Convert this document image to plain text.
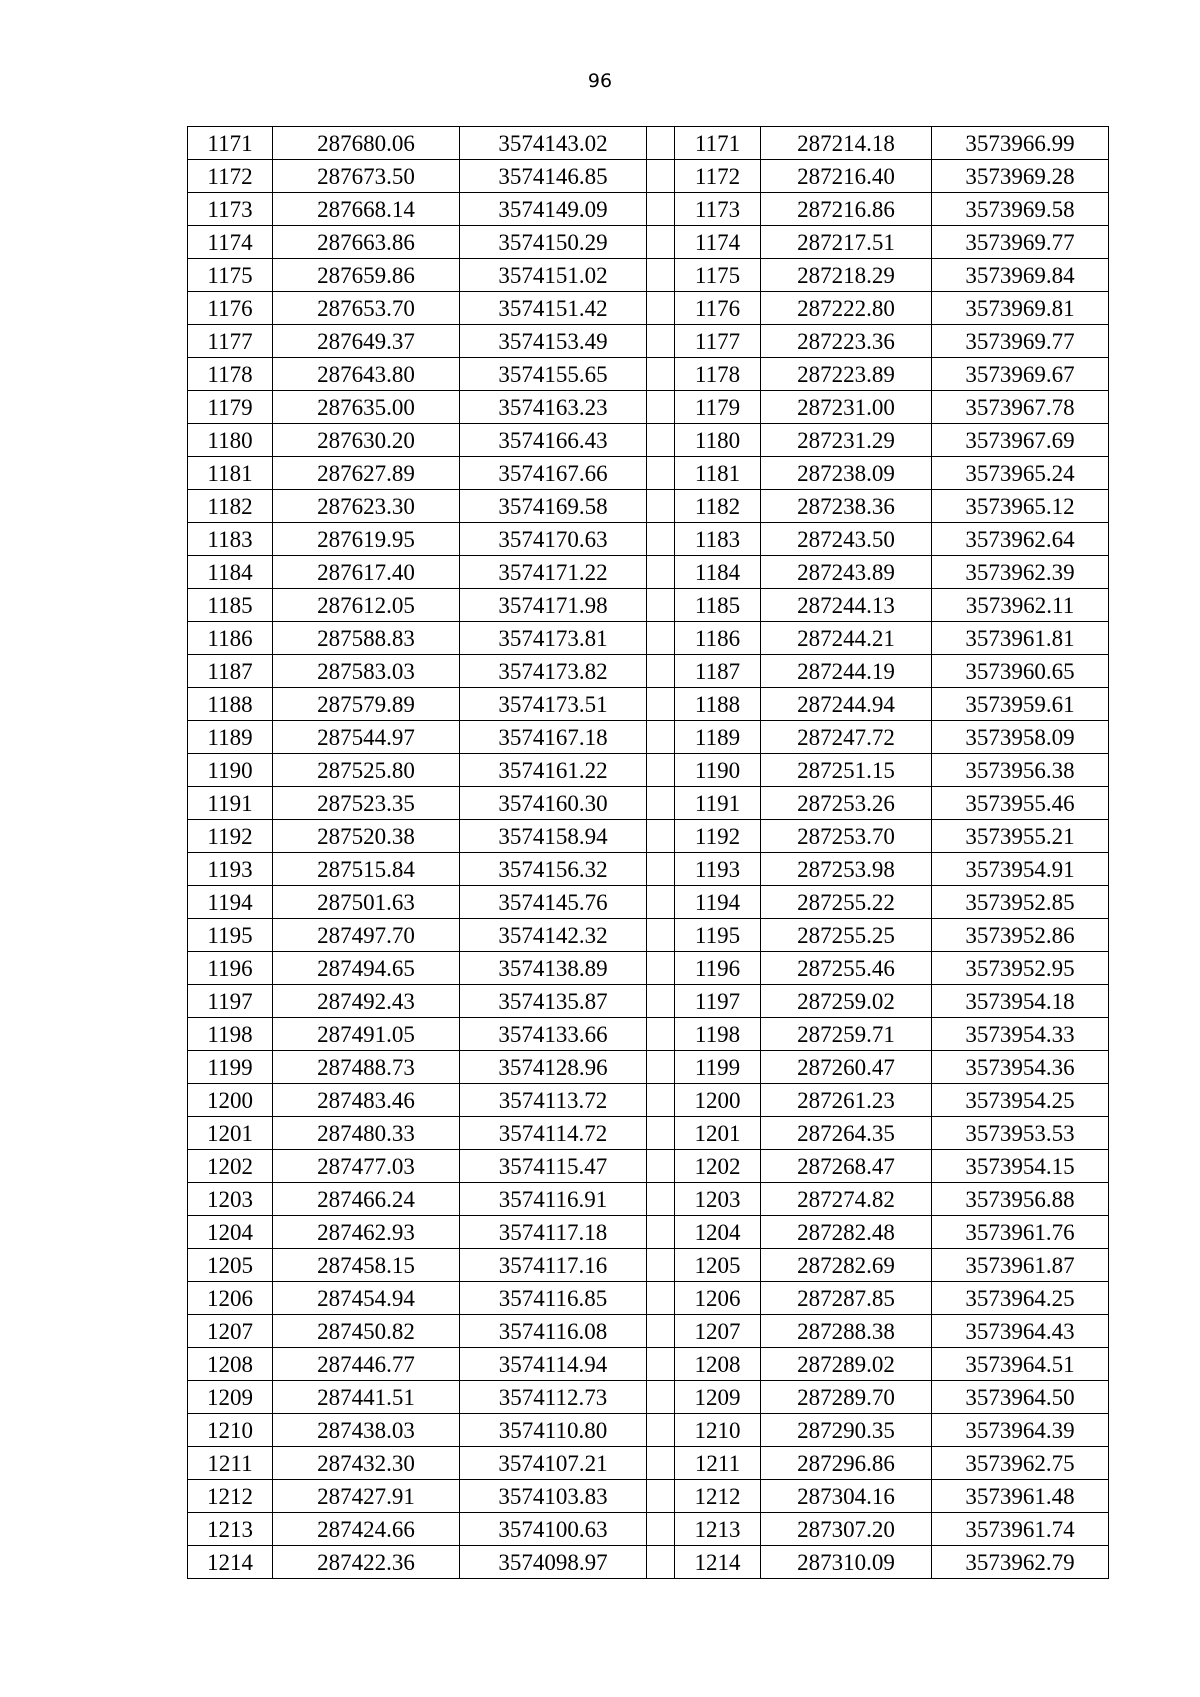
96
1171	287680.06	3574143.02		1171	287214.18	3573966.99
1172	287673.50	3574146.85		1172	287216.40	3573969.28
1173	287668.14	3574149.09		1173	287216.86	3573969.58
1174	287663.86	3574150.29		1174	287217.51	3573969.77
1175	287659.86	3574151.02		1175	287218.29	3573969.84
1176	287653.70	3574151.42		1176	287222.80	3573969.81
1177	287649.37	3574153.49		1177	287223.36	3573969.77
1178	287643.80	3574155.65		1178	287223.89	3573969.67
1179	287635.00	3574163.23		1179	287231.00	3573967.78
1180	287630.20	3574166.43		1180	287231.29	3573967.69
1181	287627.89	3574167.66		1181	287238.09	3573965.24
1182	287623.30	3574169.58		1182	287238.36	3573965.12
1183	287619.95	3574170.63		1183	287243.50	3573962.64
1184	287617.40	3574171.22		1184	287243.89	3573962.39
1185	287612.05	3574171.98		1185	287244.13	3573962.11
1186	287588.83	3574173.81		1186	287244.21	3573961.81
1187	287583.03	3574173.82		1187	287244.19	3573960.65
1188	287579.89	3574173.51		1188	287244.94	3573959.61
1189	287544.97	3574167.18		1189	287247.72	3573958.09
1190	287525.80	3574161.22		1190	287251.15	3573956.38
1191	287523.35	3574160.30		1191	287253.26	3573955.46
1192	287520.38	3574158.94		1192	287253.70	3573955.21
1193	287515.84	3574156.32		1193	287253.98	3573954.91
1194	287501.63	3574145.76		1194	287255.22	3573952.85
1195	287497.70	3574142.32		1195	287255.25	3573952.86
1196	287494.65	3574138.89		1196	287255.46	3573952.95
1197	287492.43	3574135.87		1197	287259.02	3573954.18
1198	287491.05	3574133.66		1198	287259.71	3573954.33
1199	287488.73	3574128.96		1199	287260.47	3573954.36
1200	287483.46	3574113.72		1200	287261.23	3573954.25
1201	287480.33	3574114.72		1201	287264.35	3573953.53
1202	287477.03	3574115.47		1202	287268.47	3573954.15
1203	287466.24	3574116.91		1203	287274.82	3573956.88
1204	287462.93	3574117.18		1204	287282.48	3573961.76
1205	287458.15	3574117.16		1205	287282.69	3573961.87
1206	287454.94	3574116.85		1206	287287.85	3573964.25
1207	287450.82	3574116.08		1207	287288.38	3573964.43
1208	287446.77	3574114.94		1208	287289.02	3573964.51
1209	287441.51	3574112.73		1209	287289.70	3573964.50
1210	287438.03	3574110.80		1210	287290.35	3573964.39
1211	287432.30	3574107.21		1211	287296.86	3573962.75
1212	287427.91	3574103.83		1212	287304.16	3573961.48
1213	287424.66	3574100.63		1213	287307.20	3573961.74
1214	287422.36	3574098.97		1214	287310.09	3573962.79
